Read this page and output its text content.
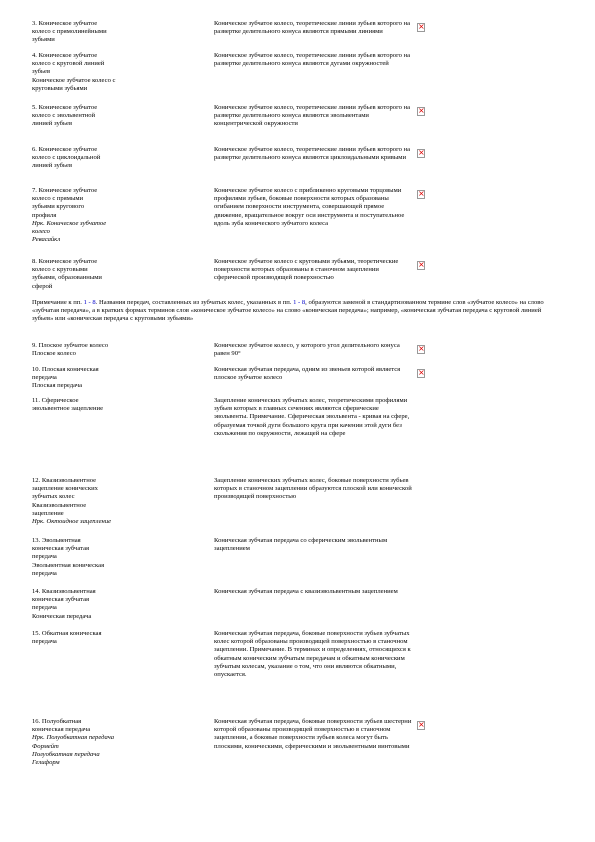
3. Коническое зубчатое
колесо с прямолинейными
зубьями
Коническое зубчатое колесо, теоретические линии зубьев которого на развертке делительного конуса являются прямыми линиями
×
4. Коническое зубчатое
колесо с круговой линией
зубьев
Коническое зубчатое колесо с
круговыми зубьями
Коническое зубчатое колесо, теоретические линии зубьев которого на развертке делительного конуса являются дугами окружностей
5. Коническое зубчатое
колесо с эвольвентной
линией зубьев
Коническое зубчатое колесо, теоретические линии зубьев которого на развертке делительного конуса являются эвольвентами концентрической окружности
×
6. Коническое зубчатое
колесо с циклоидальной
линией зубьев
Коническое зубчатое колесо, теоретические линии зубьев которого на развертке делительного конуса являются циклоидальными кривыми
×
7. Коническое зубчатое
колесо с прямыми
зубьями кругового
профиля
Нрк. Коническое зубчатое
колесо
Ревасайкл
Коническое зубчатое колесо с прибликенно круговыми торцовыми профилями зубьев, боковые поверхности которых образованы огибанием поверхности инструмента, совершающей прямое движение, вращательное вокруг оси инструмента и поступательное вдоль зуба конического зубчатого колеса
×
8. Коническое зубчатое
колесо с круговыми
зубьями, образованными
сферой
Коническое зубчатое колесо с круговыми зубьями, теоретические поверхности которых образованы в станочном зацеплении сферической производящей поверхностью
×
Примечание к пп. 1 - 8. Названия передач, составленных из зубчатых колес, указанных в пп. 1 - 8, образуются заменой в стандартизованном термине слов «зубчатое колесо» на слово «зубчатая передача», а в кратких формах терминов слов «коническое зубчатое колесо» на слово «коническая передача»; например, «коническая зубчатая передача с круговой линией зубьев» или «коническая передача с круговыми зубьями»
9. Плоское зубчатое колесо
Плоское колесо
Коническое зубчатое колесо, у которого угол делительного конуса равен 90°
×
10. Плоская коническая
передача
Плоская передача
Коническая зубчатая передача, одним из звеньев которой является плоское зубчатое колесо
×
11. Сферическое
эвольвентное зацепление
Зацепление конических зубчатых колес, теоретическими профилями зубьев которых в главных сечениях являются сферические эвольвенты. Примечание. Сферическая эвольвента - кривая на сфере, образуемая точкой дуги большого круга при качении этой дуги без скольжения по окружности, лежащей на сфере
12. Квазиэвольвентное
зацепление конических
зубчатых колес
Квазиэвольвентное
зацепление
Нрк. Октоидное зацепление
Зацепление конических зубчатых колес, боковые поверхности зубьев которых в станочном зацеплении образуются плоской или конической производящей поверхностью
13. Эвольвентная
коническая зубчатая
передача
Эвольвентная коническая
передача
Коническая зубчатая передача со сферическим эвольвентным зацеплением
14. Квазиэвольвентная
коническая зубчатая
передача
Коническая передача
Коническая зубчатая передача с квазиэвольвентным зацеплением
15. Обкатная коническая
передача
Коническая зубчатая передача, боковые поверхности зубьев зубчатых колес которой образованы производящей поверхностью в станочном зацеплении. Примечание. В терминах и определениях, относящихся к обкатным коническим зубчатым передачам и обкатным коническим зубчатым колесам, указание о том, что они являются обкатными, опускается.
16. Полуобкатная
коническая передача
Нрк. Полуобкатная передача
Формейт
Полуобкатная передача
Гелиформ
Коническая зубчатая передача, боковые поверхности зубьев шестерни которой образованы производящей поверхностью в станочном зацеплении, а боковые поверхности зубьев колеса могут быть плоскими, коническими, сферическими и эвольвентными винтовыми
×
